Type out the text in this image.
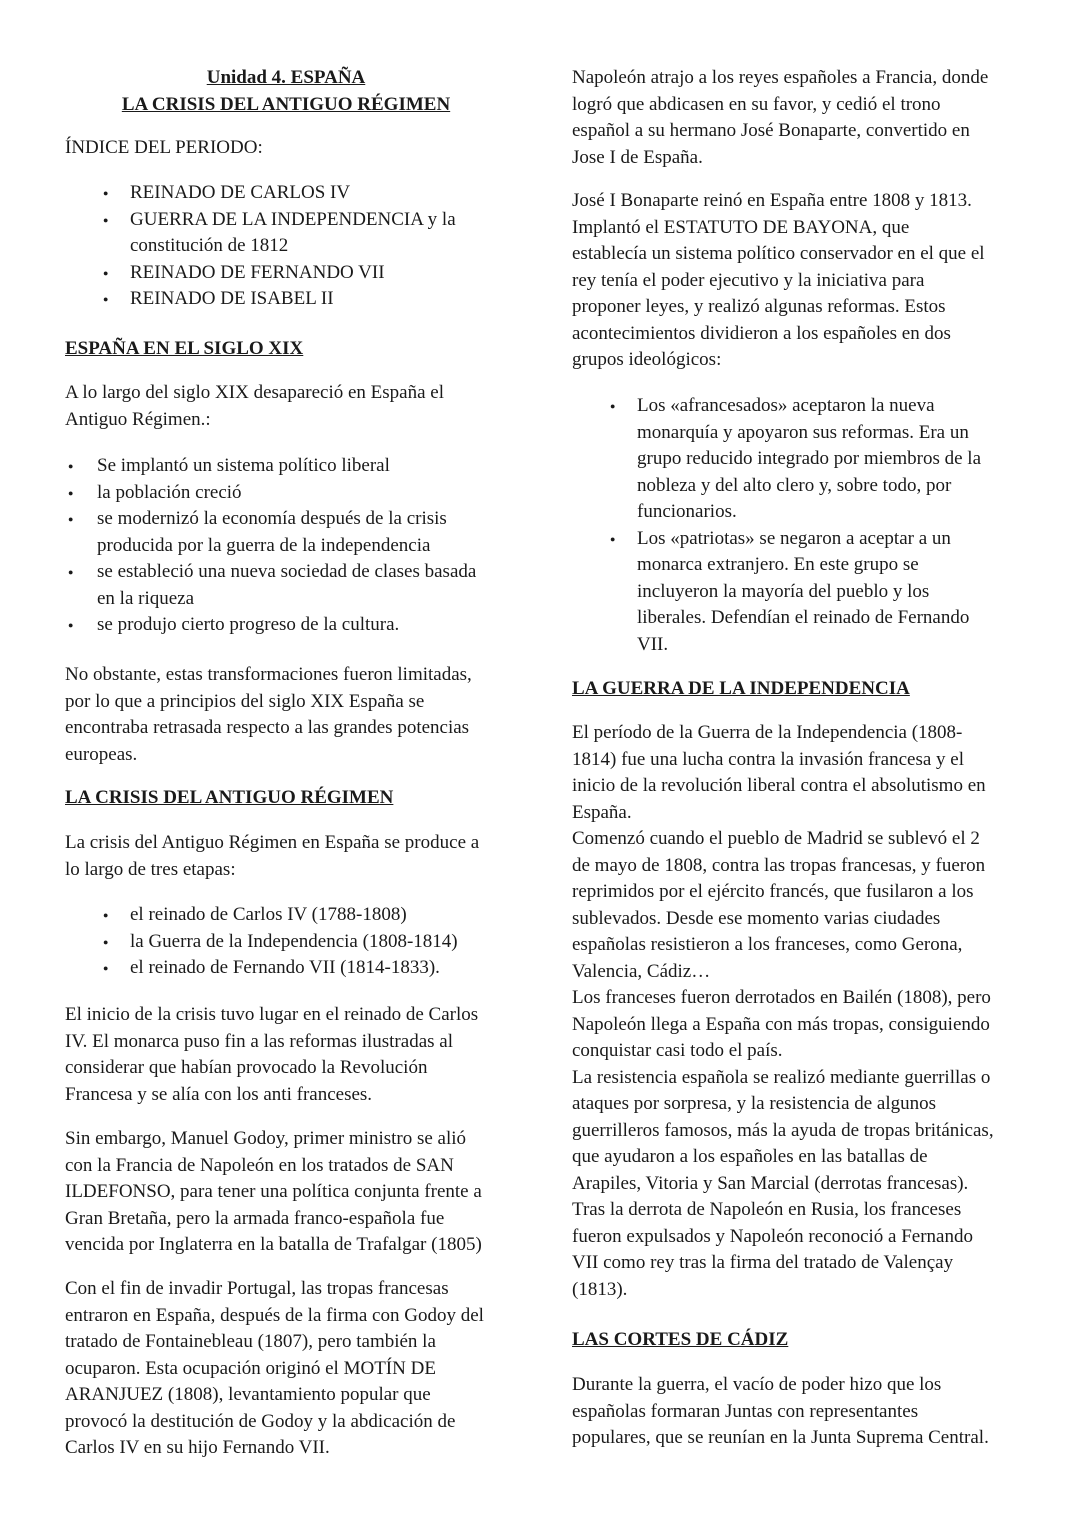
Unidad 4. ESPAÑA
LA CRISIS DEL ANTIGUO RÉGIMEN
ÍNDICE DEL PERIODO:
● REINADO DE CARLOS IV
● GUERRA DE LA INDEPENDENCIA y la
constitución de 1812
● REINADO DE FERNANDO VII
● REINADO DE ISABEL II
ESPAÑA EN EL SIGLO XIX
A lo largo del siglo XIX desapareció en España el
Antiguo Régimen.:
● Se implantó un sistema político liberal
● la población creció
● se modernizó la economía después de la crisis
producida por la guerra de la independencia
● se estableció una nueva sociedad de clases basada
en la riqueza
● se produjo cierto progreso de la cultura.
No obstante, estas transformaciones fueron limitadas,
por lo que a principios del siglo XIX España se
encontraba retrasada respecto a las grandes potencias
europeas.
LA CRISIS DEL ANTIGUO RÉGIMEN
La crisis del Antiguo Régimen en España se produce a
lo largo de tres etapas:
● el reinado de Carlos IV (1788-1808)
● la Guerra de la Independencia (1808-1814)
● el reinado de Fernando VII (1814-1833).
El inicio de la crisis tuvo lugar en el reinado de Carlos
IV. El monarca puso fin a las reformas ilustradas al
considerar que habían provocado la Revolución
Francesa y se alía con los anti franceses.
Sin embargo, Manuel Godoy, primer ministro se alió
con la Francia de Napoleón en los tratados de SAN
ILDEFONSO, para tener una política conjunta frente a
Gran Bretaña, pero la armada franco-española fue
vencida por Inglaterra en la batalla de Trafalgar (1805)
Con el fin de invadir Portugal, las tropas francesas
entraron en España, después de la firma con Godoy del
tratado de Fontainebleau (1807), pero también la
ocuparon. Esta ocupación originó el MOTÍN DE
ARANJUEZ (1808), levantamiento popular que
provocó la destitución de Godoy y la abdicación de
Carlos IV en su hijo Fernando VII.
Napoleón atrajo a los reyes españoles a Francia, donde
logró que abdicasen en su favor, y cedió el trono
español a su hermano José Bonaparte, convertido en
Jose I de España.
José I Bonaparte reinó en España entre 1808 y 1813.
Implantó el ESTATUTO DE BAYONA, que
establecía un sistema político conservador en el que el
rey tenía el poder ejecutivo y la iniciativa para
proponer leyes, y realizó algunas reformas. Estos
acontecimientos dividieron a los españoles en dos
grupos ideológicos:
● Los «afrancesados» aceptaron la nueva
monarquía y apoyaron sus reformas. Era un
grupo reducido integrado por miembros de la
nobleza y del alto clero y, sobre todo, por
funcionarios.
● Los «patriotas» se negaron a aceptar a un
monarca extranjero. En este grupo se
incluyeron la mayoría del pueblo y los
liberales. Defendían el reinado de Fernando
VII.
LA GUERRA DE LA INDEPENDENCIA
El período de la Guerra de la Independencia (1808-
1814) fue una lucha contra la invasión francesa y el
inicio de la revolución liberal contra el absolutismo en
España.
Comenzó cuando el pueblo de Madrid se sublevó el 2
de mayo de 1808, contra las tropas francesas, y fueron
reprimidos por el ejército francés, que fusilaron a los
sublevados. Desde ese momento varias ciudades
españolas resistieron a los franceses, como Gerona,
Valencia, Cádiz…
Los franceses fueron derrotados en Bailén (1808), pero
Napoleón llega a España con más tropas, consiguiendo
conquistar casi todo el país.
La resistencia española se realizó mediante guerrillas o
ataques por sorpresa, y la resistencia de algunos
guerrilleros famosos, más la ayuda de tropas británicas,
que ayudaron a los españoles en las batallas de
Arapiles, Vitoria y San Marcial (derrotas francesas).
Tras la derrota de Napoleón en Rusia, los franceses
fueron expulsados y Napoleón reconoció a Fernando
VII como rey tras la firma del tratado de Valençay
(1813).
LAS CORTES DE CÁDIZ
Durante la guerra, el vacío de poder hizo que los
españolas formaran Juntas con representantes
populares, que se reunían en la Junta Suprema Central.
